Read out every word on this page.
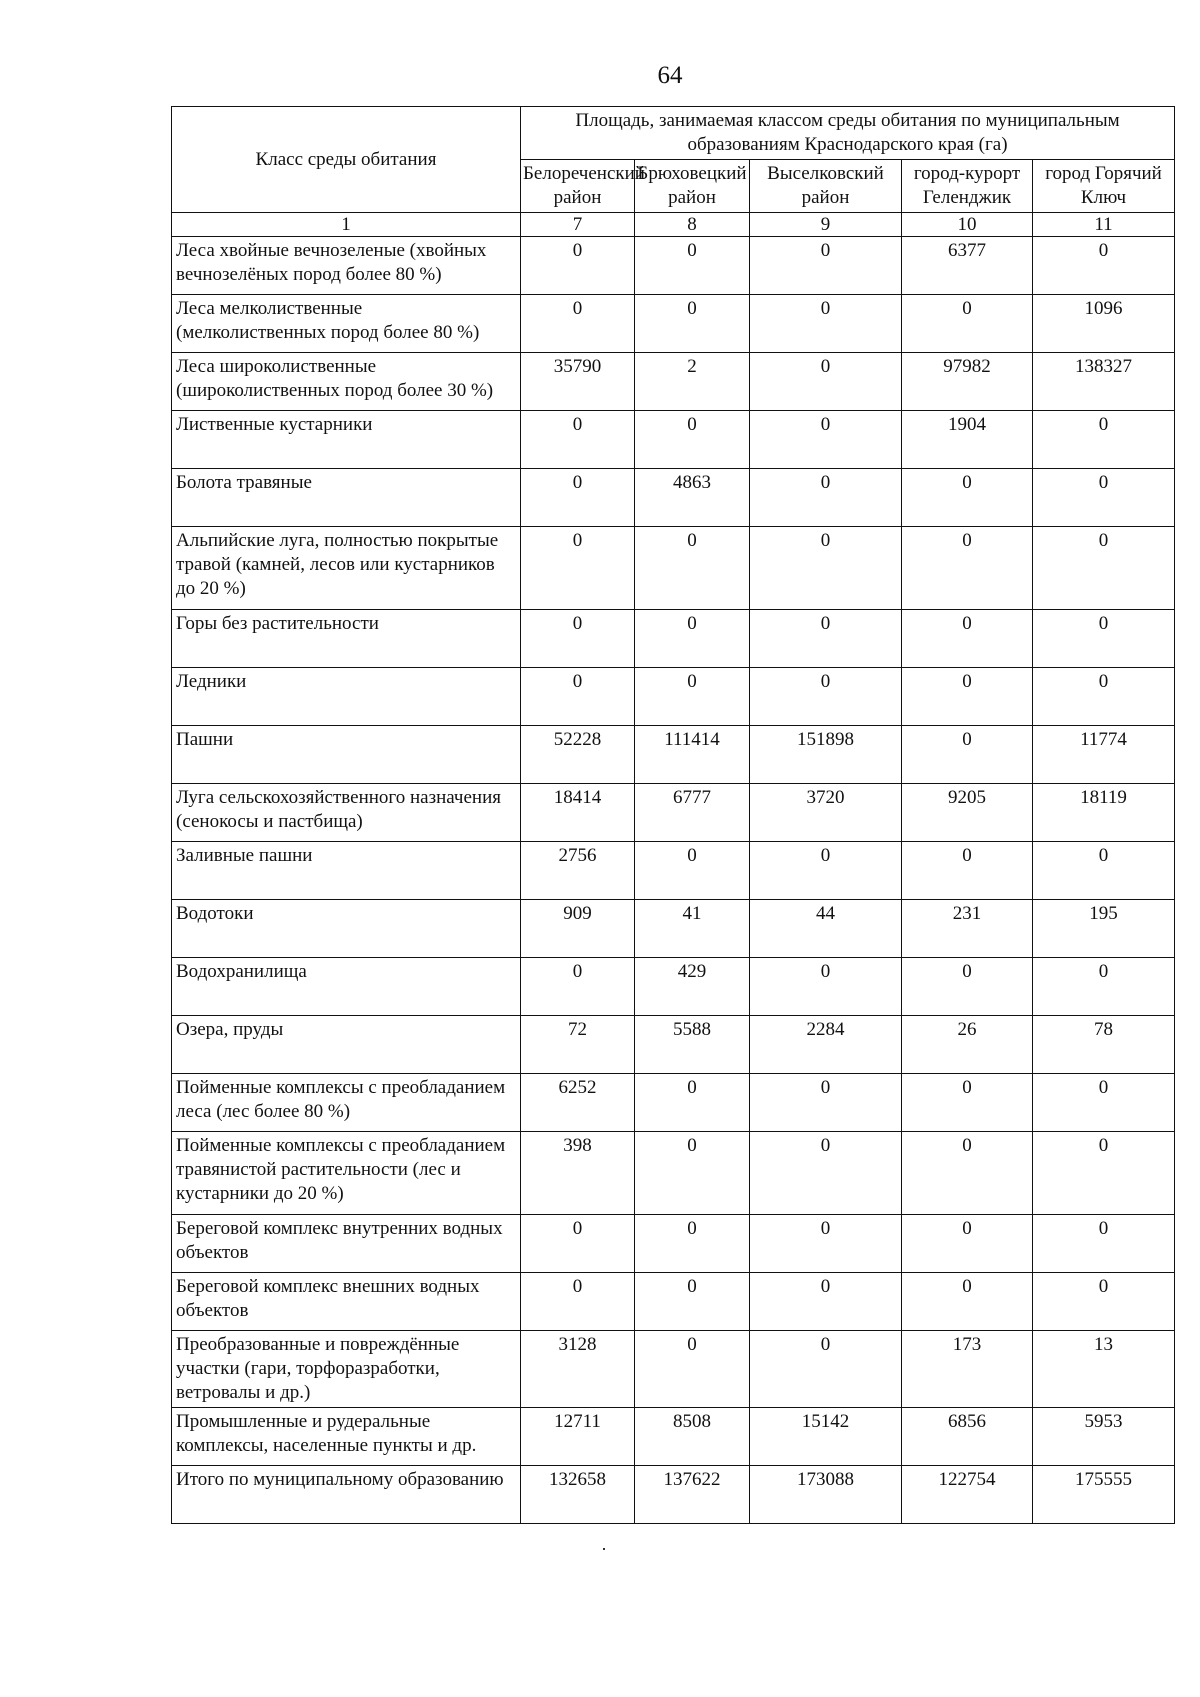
64
Класс среды обитания	Площадь, занимаемая классом среды обитания по муниципальным образованиям Краснодарского края (га)				
	Белореченский район	Брюховецкий район	Выселковский район	город-курорт Геленджик	город Горячий Ключ
1	7	8	9	10	11
Леса хвойные вечнозеленые (хвойных вечнозелёных пород более 80 %)	0	0	0	6377	0
Леса мелколиственные (мелколиственных пород более 80 %)	0	0	0	0	1096
Леса широколиственные (широколиственных пород более 30 %)	35790	2	0	97982	138327
Лиственные кустарники	0	0	0	1904	0
Болота травяные	0	4863	0	0	0
Альпийские луга, полностью покрытые травой (камней, лесов или кустарников до 20 %)	0	0	0	0	0
Горы без растительности	0	0	0	0	0
Ледники	0	0	0	0	0
Пашни	52228	111414	151898	0	11774
Луга сельскохозяйственного назначения (сенокосы и пастбища)	18414	6777	3720	9205	18119
Заливные пашни	2756	0	0	0	0
Водотоки	909	41	44	231	195
Водохранилища	0	429	0	0	0
Озера, пруды	72	5588	2284	26	78
Пойменные комплексы с преобладанием леса (лес более 80 %)	6252	0	0	0	0
Пойменные комплексы с преобладанием травянистой растительности (лес и кустарники до 20 %)	398	0	0	0	0
Береговой комплекс внутренних водных объектов	0	0	0	0	0
Береговой комплекс внешних водных объектов	0	0	0	0	0
Преобразованные и повреждённые участки (гари, торфоразработки, ветровалы и др.)	3128	0	0	173	13
Промышленные и рудеральные комплексы, населенные пункты и др.	12711	8508	15142	6856	5953
Итого по муниципальному образованию	132658	137622	173088	122754	175555
